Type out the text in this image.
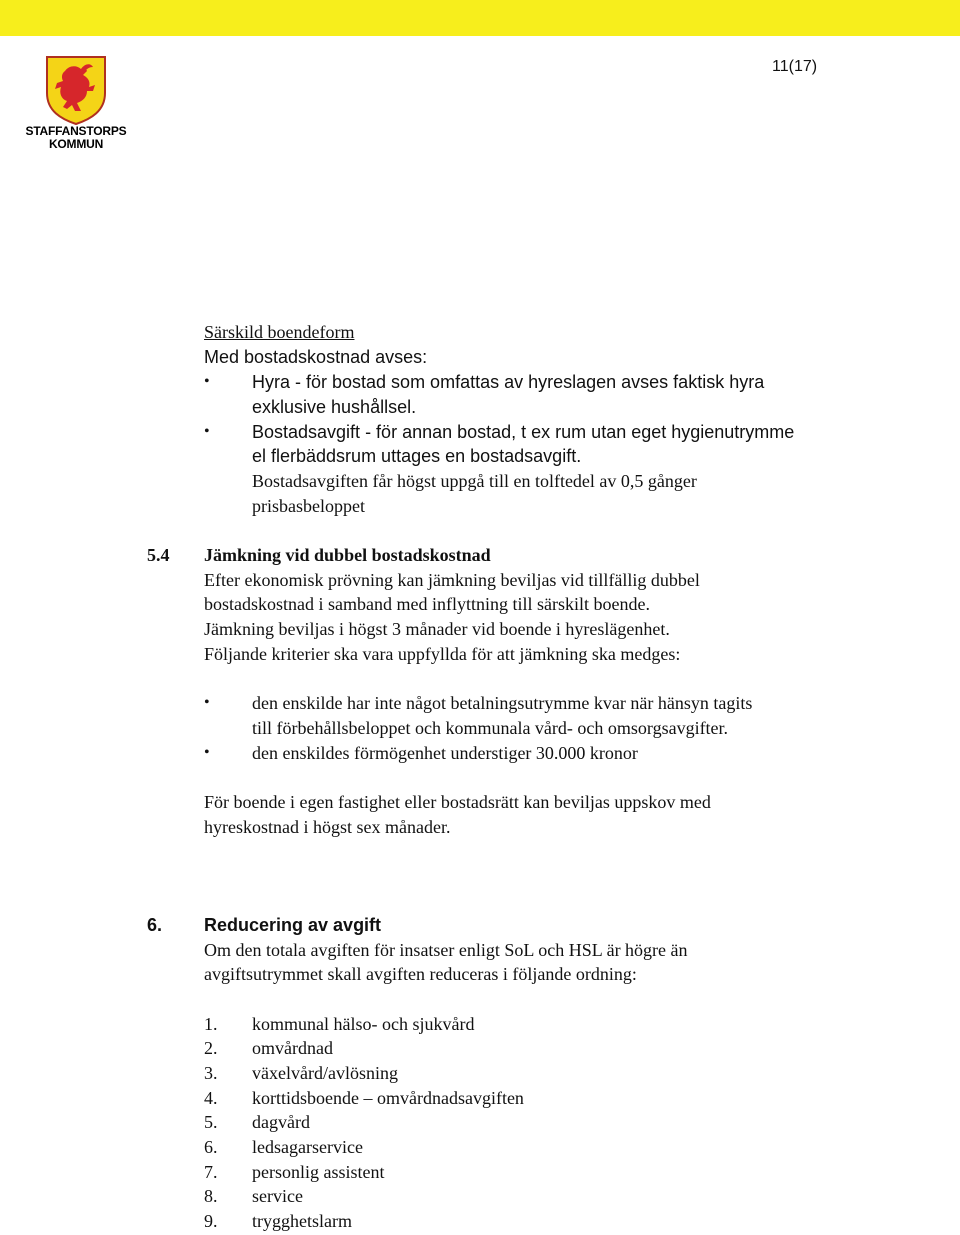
STAFFANSTORPS
KOMMUN
11(17)
Särskild boendeform
Med bostadskostnad avses:
• Hyra - för bostad som omfattas av hyreslagen avses faktisk hyra
exklusive hushållsel.
• Bostadsavgift - för annan bostad, t ex rum utan eget hygienutrymme
el flerbäddsrum uttages en bostadsavgift.
Bostadsavgiften får högst uppgå till en tolftedel av 0,5 gånger
prisbasbeloppet
5.4 Jämkning vid dubbel bostadskostnad
Efter ekonomisk prövning kan jämkning beviljas vid tillfällig dubbel
bostadskostnad i samband med inflyttning till särskilt boende.
Jämkning beviljas i högst 3 månader vid boende i hyreslägenhet.
Följande kriterier ska vara uppfyllda för att jämkning ska medges:
• den enskilde har inte något betalningsutrymme kvar när hänsyn tagits
till förbehållsbeloppet och kommunala vård- och omsorgsavgifter.
• den enskildes förmögenhet understiger 30.000 kronor
För boende i egen fastighet eller bostadsrätt kan beviljas uppskov med
hyreskostnad i högst sex månader.
6. Reducering av avgift
Om den totala avgiften för insatser enligt SoL och HSL är högre än
avgiftsutrymmet skall avgiften reduceras i följande ordning:
1. kommunal hälso- och sjukvård
2. omvårdnad
3. växelvård/avlösning
4. korttidsboende – omvårdnadsavgiften
5. dagvård
6. ledsagarservice
7. personlig assistent
8. service
9. trygghetslarm
